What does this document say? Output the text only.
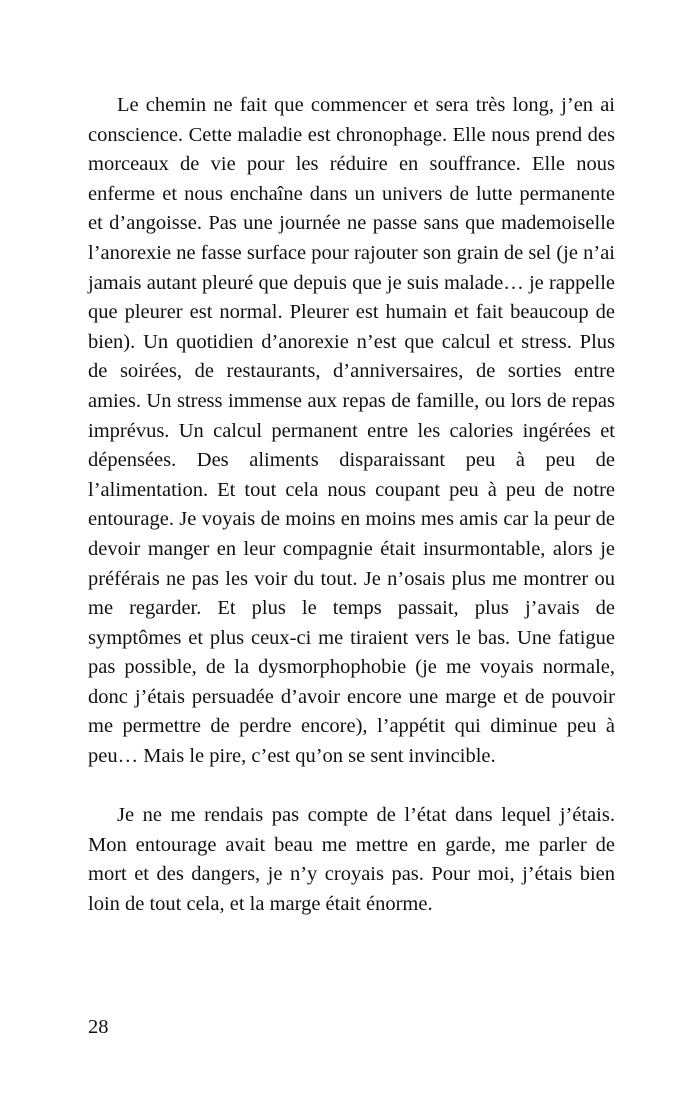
Le chemin ne fait que commencer et sera très long, j’en ai conscience. Cette maladie est chronophage. Elle nous prend des morceaux de vie pour les réduire en souffrance. Elle nous enferme et nous enchaîne dans un univers de lutte permanente et d’angoisse. Pas une journée ne passe sans que mademoiselle l’anorexie ne fasse surface pour rajouter son grain de sel (je n’ai jamais autant pleuré que depuis que je suis malade… je rappelle que pleurer est normal. Pleurer est humain et fait beaucoup de bien). Un quotidien d’anorexie n’est que calcul et stress. Plus de soirées, de restaurants, d’anniversaires, de sorties entre amies. Un stress immense aux repas de famille, ou lors de repas imprévus. Un calcul permanent entre les calories ingérées et dépensées. Des aliments disparaissant peu à peu de l’alimentation. Et tout cela nous coupant peu à peu de notre entourage. Je voyais de moins en moins mes amis car la peur de devoir manger en leur compagnie était insurmontable, alors je préférais ne pas les voir du tout. Je n’osais plus me montrer ou me regarder. Et plus le temps passait, plus j’avais de symptômes et plus ceux-ci me tiraient vers le bas. Une fatigue pas possible, de la dysmorphophobie (je me voyais normale, donc j’étais persuadée d’avoir encore une marge et de pouvoir me permettre de perdre encore), l’appétit qui diminue peu à peu… Mais le pire, c’est qu’on se sent invincible.

Je ne me rendais pas compte de l’état dans lequel j’étais. Mon entourage avait beau me mettre en garde, me parler de mort et des dangers, je n’y croyais pas. Pour moi, j’étais bien loin de tout cela, et la marge était énorme.

28
